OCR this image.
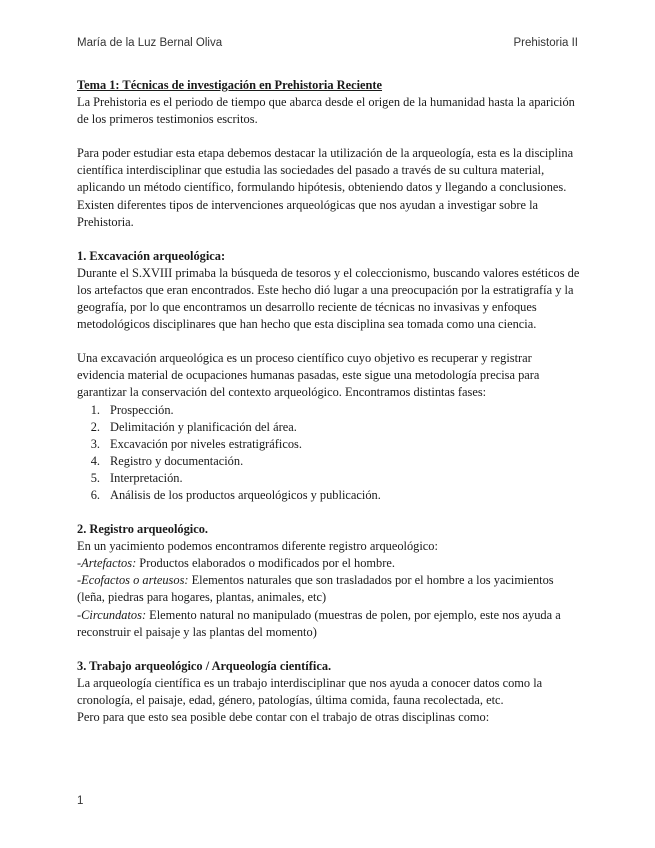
María de la Luz Bernal Oliva	Prehistoria II

Tema 1: Técnicas de investigación en Prehistoria Reciente

La Prehistoria es el periodo de tiempo que abarca desde el origen de la humanidad hasta la aparición de los primeros testimonios escritos.

Para poder estudiar esta etapa debemos destacar la utilización de la arqueología, esta es la disciplina científica interdisciplinar que estudia las sociedades del pasado a través de su cultura material, aplicando un método científico, formulando hipótesis, obteniendo datos y llegando a conclusiones. Existen diferentes tipos de intervenciones arqueológicas que nos ayudan a investigar sobre la Prehistoria.

1. Excavación arqueológica:

Durante el S.XVIII primaba la búsqueda de tesoros y el coleccionismo, buscando valores estéticos de los artefactos que eran encontrados. Este hecho dió lugar a una preocupación por la estratigrafía y la geografía, por lo que encontramos un desarrollo reciente de técnicas no invasivas y enfoques metodológicos disciplinares que han hecho que esta disciplina sea tomada como una ciencia.

Una excavación arqueológica es un proceso científico cuyo objetivo es recuperar y registrar evidencia material de ocupaciones humanas pasadas, este sigue una metodología precisa para garantizar la conservación del contexto arqueológico. Encontramos distintas fases:

1. Prospección.
2. Delimitación y planificación del área.
3. Excavación por niveles estratigráficos.
4. Registro y documentación.
5. Interpretación.
6. Análisis de los productos arqueológicos y publicación.

2. Registro arqueológico.

En un yacimiento podemos encontramos diferente registro arqueológico:

-Artefactos: Productos elaborados o modificados por el hombre.

-Ecofactos o arteusos: Elementos naturales que son trasladados por el hombre a los yacimientos (leña, piedras para hogares, plantas, animales, etc)

-Circundatos: Elemento natural no manipulado (muestras de polen, por ejemplo, este nos ayuda a reconstruir el paisaje y las plantas del momento)

3. Trabajo arqueológico / Arqueología científica.

La arqueología científica es un trabajo interdisciplinar que nos ayuda a conocer datos como la cronología, el paisaje, edad, género, patologías, última comida, fauna recolectada, etc.

Pero para que esto sea posible debe contar con el trabajo de otras disciplinas como:

1
